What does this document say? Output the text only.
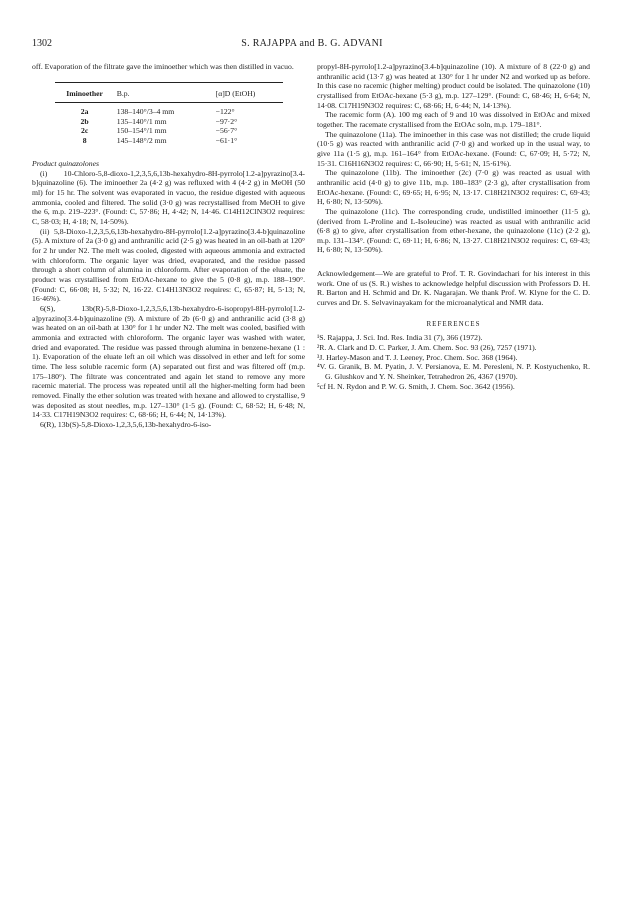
1302	S. RAJAPPA and B. G. ADVANI

off. Evaporation of the filtrate gave the iminoether which was then distilled in vacuo.

Iminoether	B.p.	[α]D (EtOH)
2a	138–140°/3–4 mm	−122°
2b	135–140°/1 mm	−97·2°
2c	150–154°/1 mm	−56·7°
8	145–148°/2 mm	−61·1°

Product quinazolones

(i) 10-Chloro-5,8-dioxo-1,2,3,5,6,13b-hexahydro-8H-pyrrolo[1.2-a]pyrazino[3.4-b]quinazoline (6). The iminoether 2a (4·2 g) was refluxed with 4 (4·2 g) in MeOH (50 ml) for 15 hr. The solvent was evaporated in vacuo, the residue digested with aqueous ammonia, cooled and filtered. The solid (3·0 g) was recrystallised from MeOH to give the 6, m.p. 219–223°. (Found: C, 57·86; H, 4·42; N, 14·46. C14H12ClN3O2 requires: C, 58·03; H, 4·18; N, 14·50%).

(ii) 5,8-Dioxo-1,2,3,5,6,13b-hexahydro-8H-pyrrolo[1.2-a]pyrazino[3.4-b]quinazoline (5). A mixture of 2a (3·0 g) and anthranilic acid (2·5 g) was heated in an oil-bath at 120° for 2 hr under N2. The melt was cooled, digested with aqueous ammonia and extracted with chloroform. The organic layer was dried, evaporated, and the residue passed through a short column of alumina in chloroform. After evaporation of the eluate, the product was crystallised from EtOAc-hexane to give the 5 (0·8 g), m.p. 188–190°. (Found: C, 66·08; H, 5·32; N, 16·22. C14H13N3O2 requires: C, 65·87; H, 5·13; N, 16·46%).

6(S), 13b(R)-5,8-Dioxo-1,2,3,5,6,13b-hexahydro-6-isopropyl-8H-pyrrolo[1.2-a]pyrazino[3.4-b]quinazoline (9). A mixture of 2b (6·0 g) and anthranilic acid (3·8 g) was heated on an oil-bath at 130° for 1 hr under N2. The melt was cooled, basified with ammonia and extracted with chloroform. The organic layer was washed with water, dried and evaporated. The residue was passed through alumina in benzene-hexane (1 : 1). Evaporation of the eluate left an oil which was dissolved in ether and left for some time. The less soluble racemic form (A) separated out first and was filtered off (m.p. 175–180°). The filtrate was concentrated and again let stand to remove any more racemic material. The process was repeated until all the higher-melting form had been removed. Finally the ether solution was treated with hexane and allowed to crystallise, 9 was deposited as stout needles, m.p. 127–130° (1·5 g). (Found: C, 68·52; H, 6·48; N, 14·33. C17H19N3O2 requires: C, 68·66; H, 6·44; N, 14·13%).

6(R), 13b(S)-5,8-Dioxo-1,2,3,5,6,13b-hexahydro-6-iso-

propyl-8H-pyrrolo[1.2-a]pyrazino[3.4-b]quinazoline (10). A mixture of 8 (22·0 g) and anthranilic acid (13·7 g) was heated at 130° for 1 hr under N2 and worked up as before. In this case no racemic (higher melting) product could be isolated. The quinazolone (10) crystallised from EtOAc-hexane (5·3 g), m.p. 127–129°. (Found: C, 68·46; H, 6·64; N, 14·08. C17H19N3O2 requires: C, 68·66; H, 6·44; N, 14·13%).

The racemic form (A). 100 mg each of 9 and 10 was dissolved in EtOAc and mixed together. The racemate crystallised from the EtOAc soln, m.p. 179–181°.

The quinazolone (11a). The iminoether in this case was not distilled; the crude liquid (10·5 g) was reacted with anthranilic acid (7·0 g) and worked up in the usual way, to give 11a (1·5 g), m.p. 161–164° from EtOAc-hexane. (Found: C, 67·09; H, 5·72; N, 15·31. C16H16N3O2 requires: C, 66·90; H, 5·61; N, 15·61%).

The quinazolone (11b). The iminoether (2c) (7·0 g) was reacted as usual with anthranilic acid (4·0 g) to give 11b, m.p. 180–183° (2·3 g), after crystallisation from EtOAc-hexane. (Found: C, 69·65; H, 6·95; N, 13·17. C18H21N3O2 requires: C, 69·43; H, 6·80; N, 13·50%).

The quinazolone (11c). The corresponding crude, undistilled iminoether (11·5 g), (derived from L-Proline and L-Isoleucine) was reacted as usual with anthranilic acid (6·8 g) to give, after crystallisation from ether-hexane, the quinazolone (11c) (2·2 g), m.p. 131–134°. (Found: C, 69·11; H, 6·86; N, 13·27. C18H21N3O2 requires: C, 69·43; H, 6·80; N, 13·50%).

Acknowledgement—We are grateful to Prof. T. R. Govindachari for his interest in this work. One of us (S. R.) wishes to acknowledge helpful discussion with Professors D. H. R. Barton and H. Schmid and Dr. K. Nagarajan. We thank Prof. W. Klyne for the C. D. curves and Dr. S. Selvavinayakam for the microanalytical and NMR data.

REFERENCES

¹S. Rajappa, J. Sci. Ind. Res. India 31 (7), 366 (1972).

²R. A. Clark and D. C. Parker, J. Am. Chem. Soc. 93 (26), 7257 (1971).

³J. Harley-Mason and T. J. Leeney, Proc. Chem. Soc. 368 (1964).

⁴V. G. Granik, B. M. Pyatin, J. V. Persianova, E. M. Peresleni, N. P. Kostyuchenko, R. G. Glushkov and Y. N. Sheinker, Tetrahedron 26, 4367 (1970).

⁵cf H. N. Rydon and P. W. G. Smith, J. Chem. Soc. 3642 (1956).
